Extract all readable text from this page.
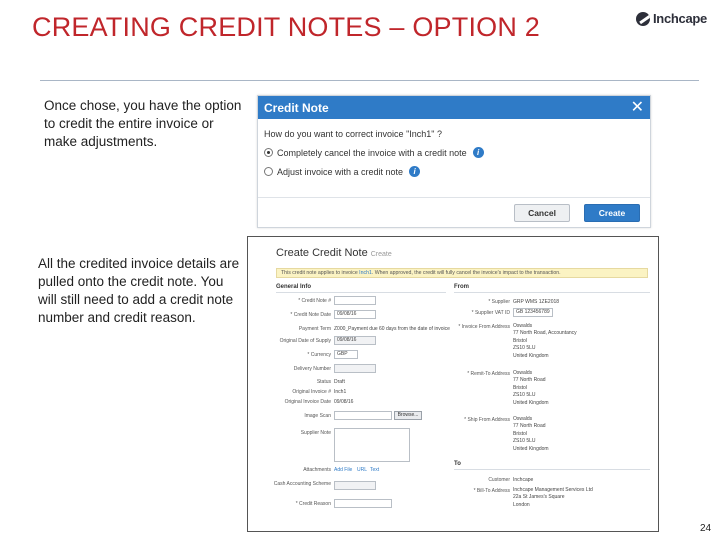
CREATING CREDIT NOTES – OPTION 2	Inchcape
Once chose, you have the option to credit the entire invoice or make adjustments.
All the credited invoice details are pulled onto the credit note. You will still need to add a credit note number and credit reason.
Credit Note	✕
How do you want to correct invoice "Inch1" ?
Completely cancel the invoice with a credit note	i
Adjust invoice with a credit note	i
Cancel	Create
Create Credit Note Create
This credit note applies to invoice Inch1. When approved, the credit will fully cancel the invoice's impact to the transaction.
General Info	From
* Credit Note #
* Credit Note Date	09/08/16
Payment Term Z000_Payment due 60 days from the date of invoice
Original Date of Supply	09/08/16
* Currency	GBP
Delivery Number
Status Draft
Original Invoice # Inch1
Original Invoice Date 09/08/16
Image Scan	Browse...
Supplier Note
Attachments Add File URL Text
Cash Accounting Scheme
* Credit Reason
* Supplier GRP WMS 1ZE2018
* Supplier VAT ID	GB 123456789
* Invoice From Address Oswalds
77 North Road, Accountancy
Bristol
ZS10 5LU
United Kingdom
* Remit-To Address Oswalds
77 North Road
Bristol
ZS10 5LU
United Kingdom
* Ship From Address Oswalds
77 North Road
Bristol
ZS10 5LU
United Kingdom
To
Customer Inchcape
* Bill-To Address Inchcape Management Services Ltd
22a St James's Square
London
24
